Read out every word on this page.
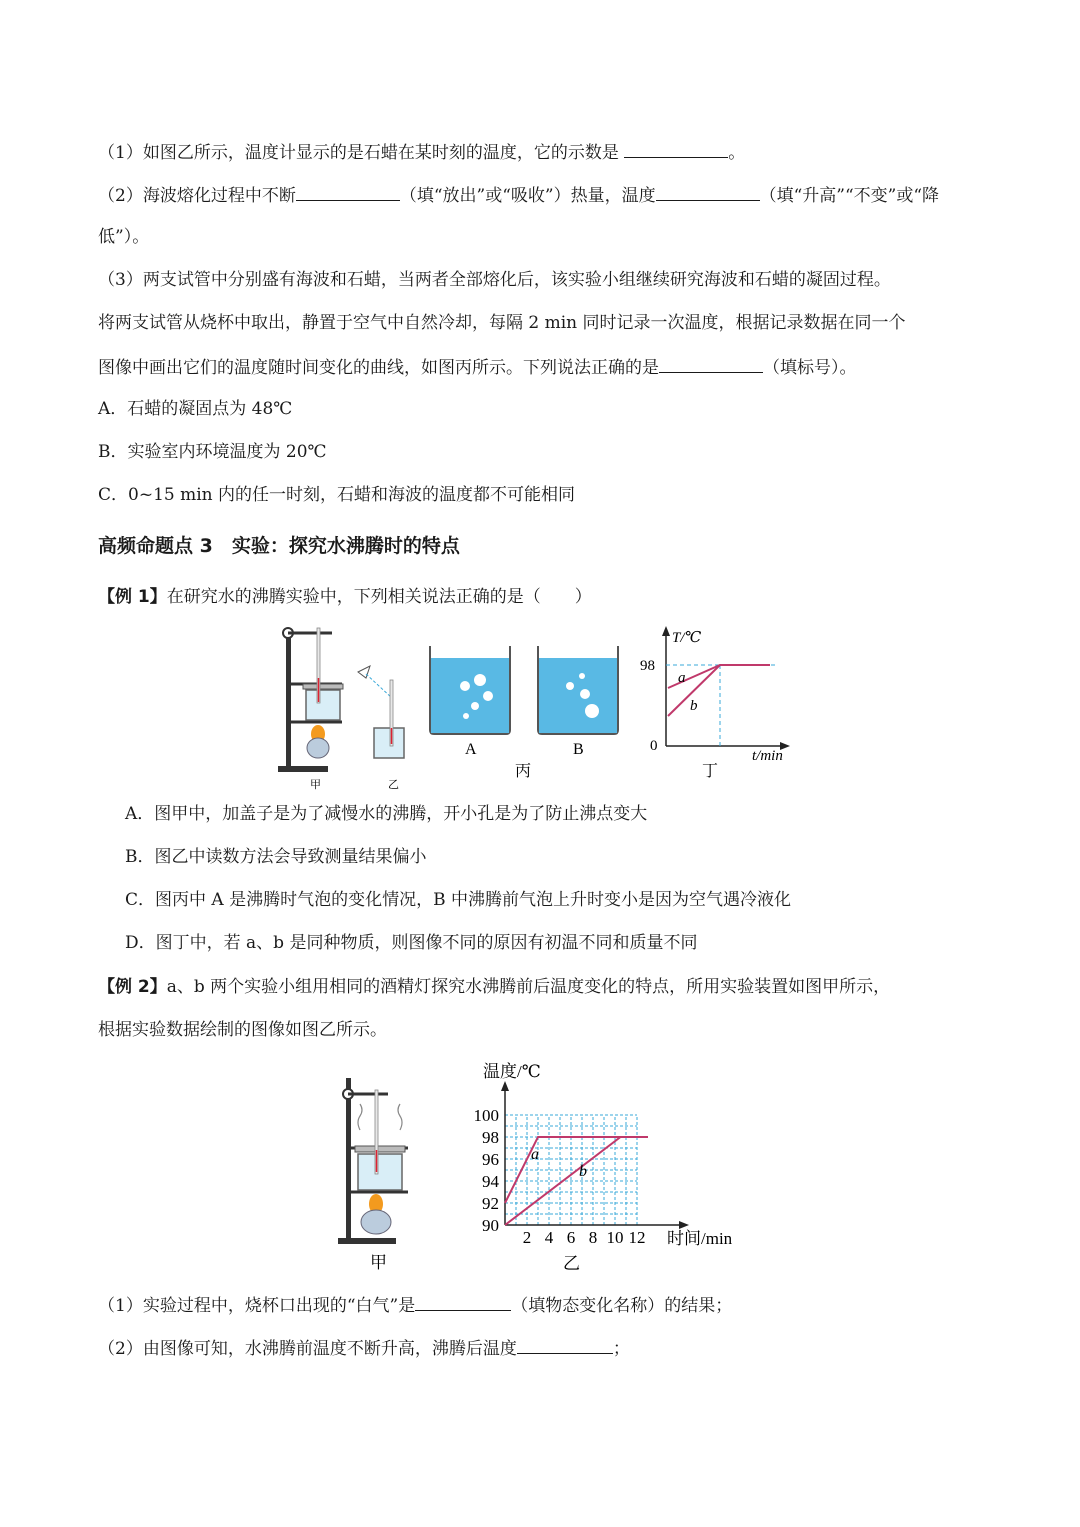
（1）如图乙所示，温度计显示的是石蜡在某时刻的温度，它的示数是	。
（2）海波熔化过程中不断	（填“放出”或“吸收”）热量，温度	（填“升高”“不变”或“降
低”）。
（3）两支试管中分别盛有海波和石蜡，当两者全部熔化后，该实验小组继续研究海波和石蜡的凝固过程。
将两支试管从烧杯中取出，静置于空气中自然冷却，每隔 2 min 同时记录一次温度，根据记录数据在同一个
图像中画出它们的温度随时间变化的曲线，如图丙所示。下列说法正确的是	（填标号）。
A．石蜡的凝固点为 48℃
B．实验室内环境温度为 20℃
C．0~15 min 内的任一时刻，石蜡和海波的温度都不可能相同
高频命题点 3　实验：探究水沸腾时的特点
【例 1】在研究水的沸腾实验中，下列相关说法正确的是（　　）
甲	乙
A	B
丙
T/℃
98
0
t/min
a
b
丁
A．图甲中，加盖子是为了减慢水的沸腾，开小孔是为了防止沸点变大
B．图乙中读数方法会导致测量结果偏小
C．图丙中 A 是沸腾时气泡的变化情况，B 中沸腾前气泡上升时变小是因为空气遇冷液化
D．图丁中，若 a、b 是同种物质，则图像不同的原因有初温不同和质量不同
【例 2】a、b 两个实验小组用相同的酒精灯探究水沸腾前后温度变化的特点，所用实验装置如图甲所示，
根据实验数据绘制的图像如图乙所示。
甲
2 4 6 8 10 12
90
92
94
96
98
100
温度/℃
时间/min
a
b
乙
（1）实验过程中，烧杯口出现的“白气”是	（填物态变化名称）的结果；
（2）由图像可知，水沸腾前温度不断升高，沸腾后温度	；
